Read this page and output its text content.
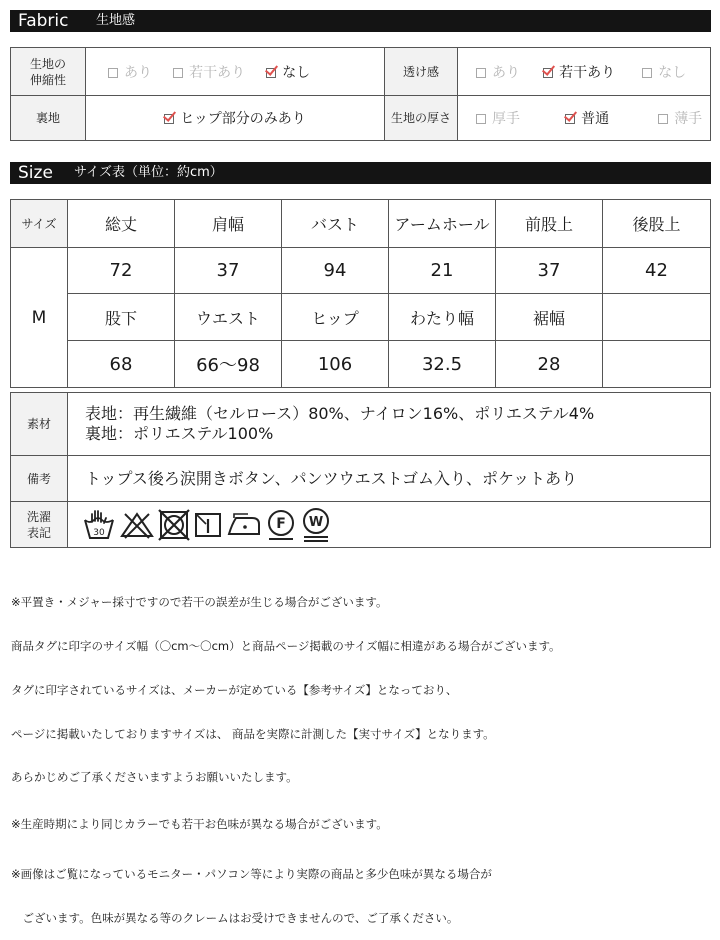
Fabric 生地感
生地の
伸縮性	あり 若干あり なし	透け感	あり 若干あり なし
裏地	ヒップ部分のみあり	生地の厚さ	厚手 普通 薄手
Size サイズ表（単位：約cm）
サイズ	総丈	肩幅	バスト	アームホール	前股上	後股上
M	72	37	94	21	37	42
	股下	ウエスト	ヒップ	わたり幅	裾幅	
	68	66〜98	106	32.5	28	
素材	表地：再生繊維（セルロース）80%、ナイロン16%、ポリエステル4%
裏地：ポリエステル100%
備考	トップス後ろ涙開きボタン、パンツウエストゴム入り、ポケットあり
洗濯
表記	30
F W

※平置き・メジャー採寸ですので若干の誤差が生じる場合がございます。

商品タグに印字のサイズ幅（〇cm〜〇cm）と商品ページ掲載のサイズ幅に相違がある場合がございます。

タグに印字されているサイズは、メーカーが定めている【参考サイズ】となっており、

ページに掲載いたしておりますサイズは、 商品を実際に計測した【実寸サイズ】となります。

あらかじめご了承くださいますようお願いいたします。

※生産時期により同じカラーでも若干お色味が異なる場合がございます。

※画像はご覧になっているモニター・パソコン等により実際の商品と多少色味が異なる場合が

　ございます。色味が異なる等のクレームはお受けできませんので、ご了承ください。
